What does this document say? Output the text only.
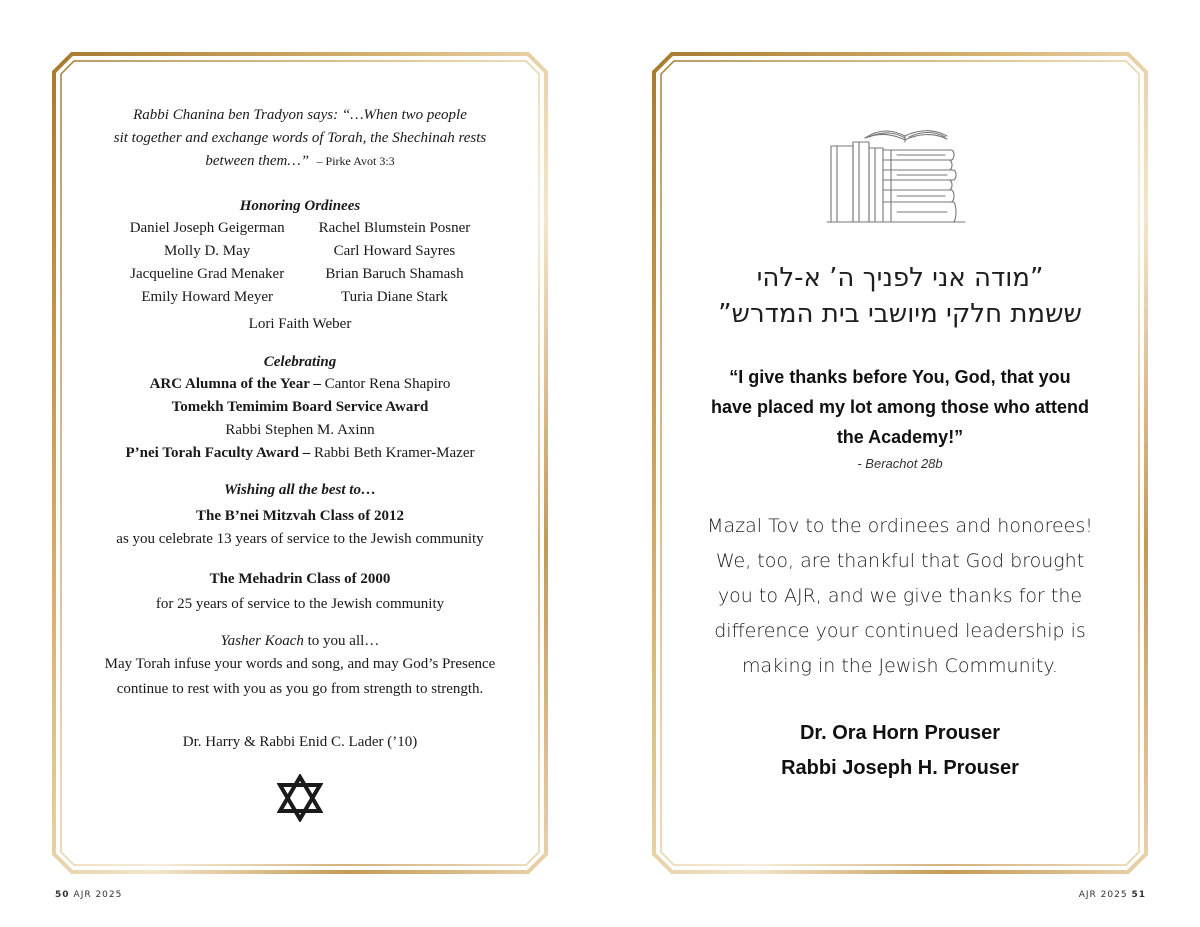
Rabbi Chanina ben Tradyon says: “…When two people
sit together and exchange words of Torah, the Shechinah rests
between them…” – Pirke Avot 3:3
Honoring Ordinees
Daniel Joseph Geigerman
Molly D. May
Jacqueline Grad Menaker
Emily Howard Meyer
Rachel Blumstein Posner
Carl Howard Sayres
Brian Baruch Shamash
Turia Diane Stark
Lori Faith Weber
Celebrating
ARC Alumna of the Year – Cantor Rena Shapiro
Tomekh Temimim Board Service Award
Rabbi Stephen M. Axinn
P’nei Torah Faculty Award – Rabbi Beth Kramer-Mazer
Wishing all the best to…
The B’nei Mitzvah Class of 2012
as you celebrate 13 years of service to the Jewish community
The Mehadrin Class of 2000
for 25 years of service to the Jewish community
Yasher Koach to you all…
May Torah infuse your words and song, and may God’s Presence
continue to rest with you as you go from strength to strength.
Dr. Harry & Rabbi Enid C. Lader (’10)
”מודה אני לפניך ה’ א-להי
ששמת חלקי מיושבי בית המדרש”
“I give thanks before You, God, that you
have placed my lot among those who attend
the Academy!”
- Berachot 28b
Mazal Tov to the ordinees and honorees!
We, too, are thankful that God brought
you to AJR, and we give thanks for the
difference your continued leadership is
making in the Jewish Community.
Dr. Ora Horn Prouser
Rabbi Joseph H. Prouser
50 AJR 2025	AJR 2025 51
